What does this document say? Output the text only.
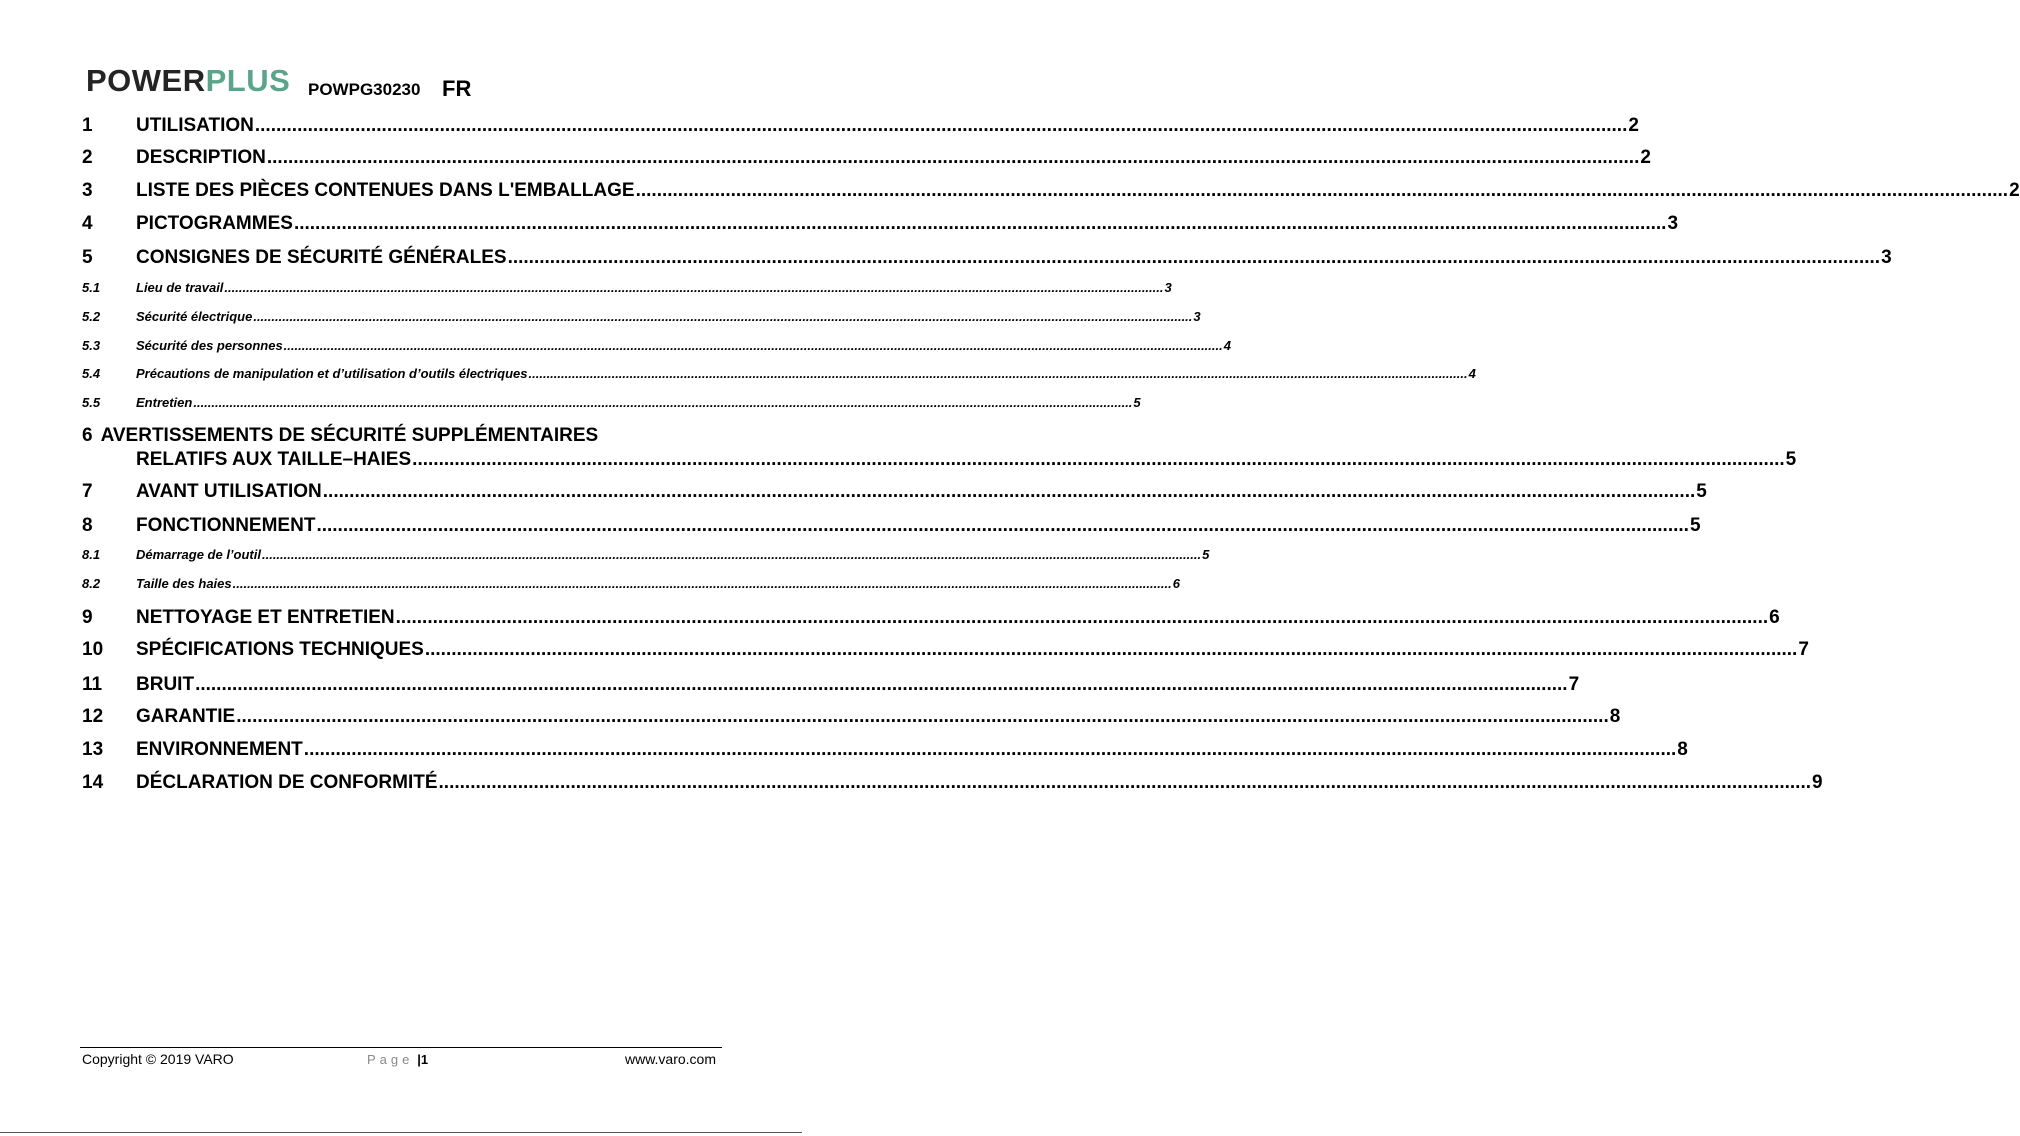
POWERPLUS POWPG30230 FR
1	UTILISATION .................................................................................................................................................................................................................................................................... 2
2	DESCRIPTION .................................................................................................................................................................................................................................................................... 2
3	LISTE DES PIÈCES CONTENUES DANS L'EMBALLAGE .................................................................................................................................................................................................................................................................... 2
4	PICTOGRAMMES .................................................................................................................................................................................................................................................................... 3
5	CONSIGNES DE SÉCURITÉ GÉNÉRALES .................................................................................................................................................................................................................................................................... 3
5.1	Lieu de travail .................................................................................................................................................................................................................................................................... 3
5.2	Sécurité électrique .................................................................................................................................................................................................................................................................... 3
5.3	Sécurité des personnes .................................................................................................................................................................................................................................................................... 4
5.4	Précautions de manipulation et d’utilisation d’outils électriques .................................................................................................................................................................................................................................................................... 4
5.5	Entretien .................................................................................................................................................................................................................................................................... 5
6 AVERTISSEMENTS DE SÉCURITÉ SUPPLÉMENTAIRES
RELATIFS AUX TAILLE–HAIES .................................................................................................................................................................................................................................................................... 5
7	AVANT UTILISATION .................................................................................................................................................................................................................................................................... 5
8	FONCTIONNEMENT .................................................................................................................................................................................................................................................................... 5
8.1	Démarrage de l’outil .................................................................................................................................................................................................................................................................... 5
8.2	Taille des haies .................................................................................................................................................................................................................................................................... 6
9	NETTOYAGE ET ENTRETIEN .................................................................................................................................................................................................................................................................... 6
10	SPÉCIFICATIONS TECHNIQUES .................................................................................................................................................................................................................................................................... 7
11	BRUIT .................................................................................................................................................................................................................................................................... 7
12	GARANTIE .................................................................................................................................................................................................................................................................... 8
13	ENVIRONNEMENT .................................................................................................................................................................................................................................................................... 8
14	DÉCLARATION DE CONFORMITÉ .................................................................................................................................................................................................................................................................... 9
Copyright © 2019 VARO	Page |1	www.varo.com
